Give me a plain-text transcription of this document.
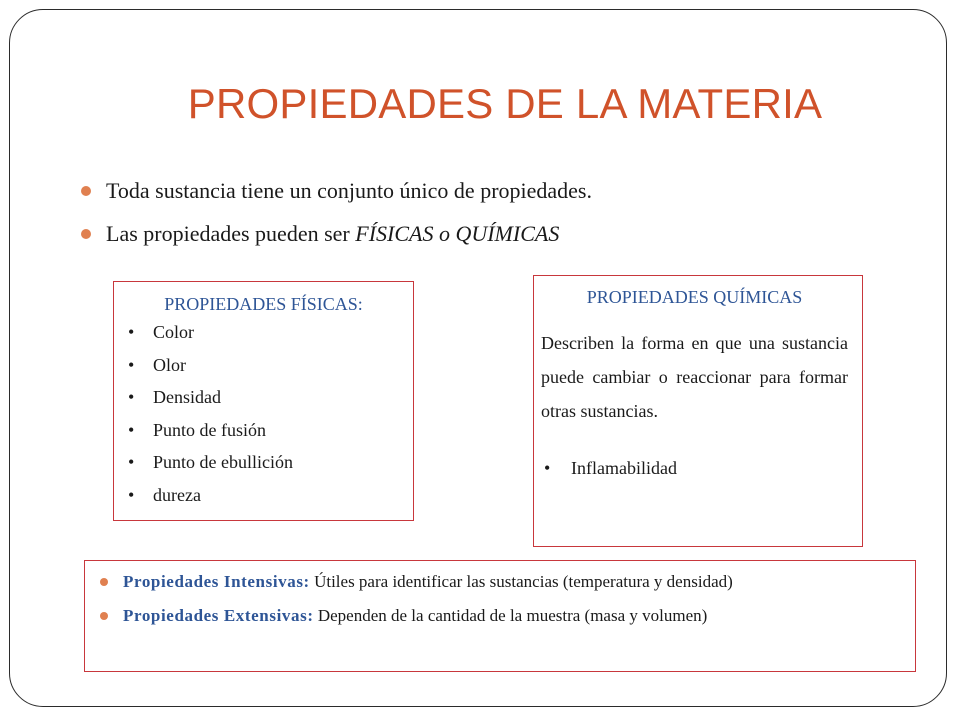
PROPIEDADES DE LA MATERIA
Toda sustancia tiene un conjunto único de propiedades.
Las propiedades pueden ser FÍSICAS o QUÍMICAS
PROPIEDADES FÍSICAS:
• Color
• Olor
• Densidad
• Punto de fusión
• Punto de ebullición
• dureza
PROPIEDADES QUÍMICAS
Describen la forma en que una sustancia puede cambiar o reaccionar para formar otras sustancias.
• Inflamabilidad
Propiedades Intensivas: Útiles para identificar las sustancias (temperatura y densidad)
Propiedades Extensivas: Dependen de la cantidad de la muestra (masa y volumen)
